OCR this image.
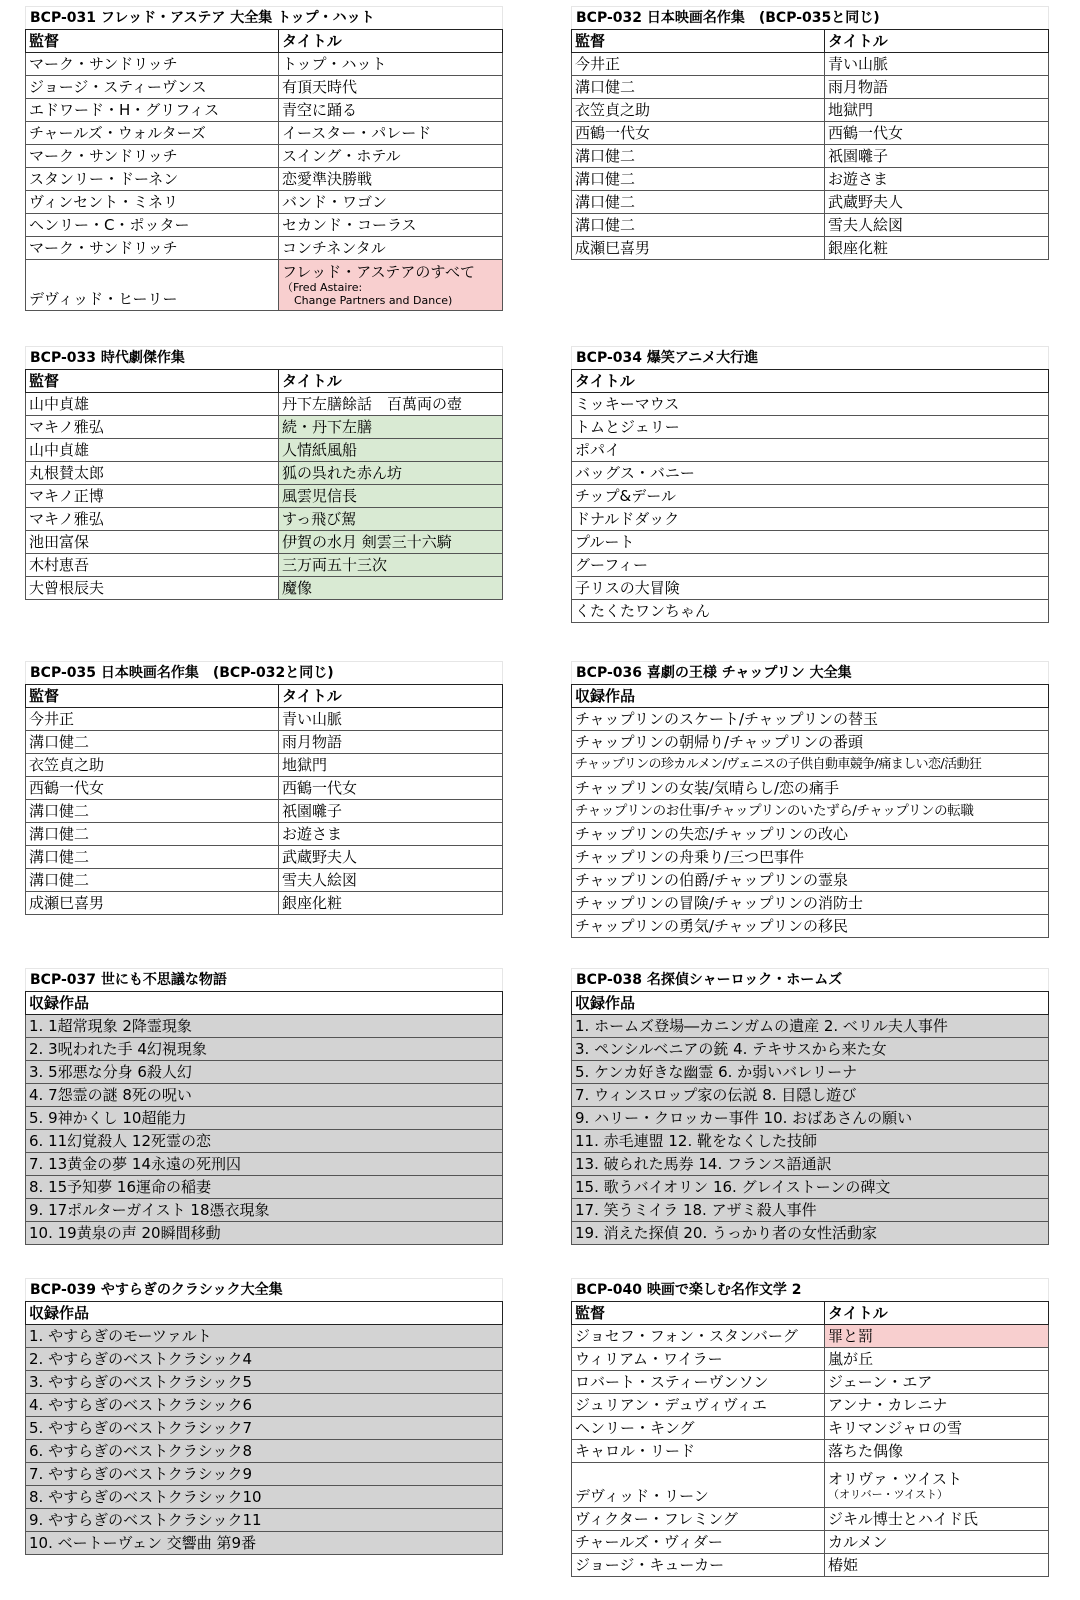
BCP-031 フレッド・アステア 大全集 トップ・ハット
監督	タイトル
マーク・サンドリッチ	トップ・ハット
ジョージ・スティーヴンス	有頂天時代
エドワード・H・グリフィス	青空に踊る
チャールズ・ウォルターズ	イースター・パレード
マーク・サンドリッチ	スイング・ホテル
スタンリー・ドーネン	恋愛準決勝戦
ヴィンセント・ミネリ	バンド・ワゴン
ヘンリー・C・ポッター	セカンド・コーラス
マーク・サンドリッチ	コンチネンタル
デヴィッド・ヒーリー	フレッド・アステアのすべて
（Fred Astaire:
Change Partners and Dance)
BCP-032 日本映画名作集　(BCP-035と同じ)
監督	タイトル
今井正	青い山脈
溝口健二	雨月物語
衣笠貞之助	地獄門
西鶴一代女	西鶴一代女
溝口健二	祇園囃子
溝口健二	お遊さま
溝口健二	武蔵野夫人
溝口健二	雪夫人絵図
成瀬巳喜男	銀座化粧
BCP-033 時代劇傑作集
監督	タイトル
山中貞雄	丹下左膳餘話　百萬両の壺
マキノ雅弘	続・丹下左膳
山中貞雄	人情紙風船
丸根賛太郎	狐の呉れた赤ん坊
マキノ正博	風雲児信長
マキノ雅弘	すっ飛び駕
池田富保	伊賀の水月 剣雲三十六騎
木村恵吾	三万両五十三次
大曾根辰夫	魔像
BCP-034 爆笑アニメ大行進
タイトル
ミッキーマウス
トムとジェリー
ポパイ
バッグス・バニー
チップ&デール
ドナルドダック
プルート
グーフィー
子リスの大冒険
くたくたワンちゃん
BCP-035 日本映画名作集　(BCP-032と同じ)
監督	タイトル
今井正	青い山脈
溝口健二	雨月物語
衣笠貞之助	地獄門
西鶴一代女	西鶴一代女
溝口健二	祇園囃子
溝口健二	お遊さま
溝口健二	武蔵野夫人
溝口健二	雪夫人絵図
成瀬巳喜男	銀座化粧
BCP-036 喜劇の王様 チャップリン 大全集
収録作品
チャップリンのスケート/チャップリンの替玉
チャップリンの朝帰り/チャップリンの番頭
チャップリンの珍カルメン/ヴェニスの子供自動車競争/痛ましい恋/活動狂
チャップリンの女装/気晴らし/恋の痛手
チャップリンのお仕事/チャップリンのいたずら/チャップリンの転職
チャップリンの失恋/チャップリンの改心
チャップリンの舟乗り/三つ巴事件
チャップリンの伯爵/チャップリンの霊泉
チャップリンの冒険/チャップリンの消防士
チャップリンの勇気/チャップリンの移民
BCP-037 世にも不思議な物語
収録作品
1. 1超常現象 2降霊現象
2. 3呪われた手 4幻視現象
3. 5邪悪な分身 6殺人幻
4. 7怨霊の謎 8死の呪い
5. 9神かくし 10超能力
6. 11幻覚殺人 12死霊の恋
7. 13黄金の夢 14永遠の死刑囚
8. 15予知夢 16運命の稲妻
9. 17ポルターガイスト 18憑衣現象
10. 19黄泉の声 20瞬間移動
BCP-038 名探偵シャーロック・ホームズ
収録作品
1. ホームズ登場―カニンガムの遺産 2. べリル夫人事件
3. ペンシルベニアの銃 4. テキサスから来た女
5. ケンカ好きな幽霊 6. か弱いバレリーナ
7. ウィンスロップ家の伝説 8. 目隠し遊び
9. ハリー・クロッカー事件 10. おばあさんの願い
11. 赤毛連盟 12. 靴をなくした技師
13. 破られた馬券 14. フランス語通訳
15. 歌うバイオリン 16. グレイストーンの碑文
17. 笑うミイラ 18. アザミ殺人事件
19. 消えた探偵 20. うっかり者の女性活動家
BCP-039 やすらぎのクラシック大全集
収録作品
1. やすらぎのモーツァルト
2. やすらぎのベストクラシック4
3. やすらぎのベストクラシック5
4. やすらぎのベストクラシック6
5. やすらぎのベストクラシック7
6. やすらぎのベストクラシック8
7. やすらぎのベストクラシック9
8. やすらぎのベストクラシック10
9. やすらぎのベストクラシック11
10. ベートーヴェン 交響曲 第9番
BCP-040 映画で楽しむ名作文学 2
監督	タイトル
ジョセフ・フォン・スタンバーグ	罪と罰
ウィリアム・ワイラー	嵐が丘
ロバート・スティーヴンソン	ジェーン・エア
ジュリアン・デュヴィヴィエ	アンナ・カレニナ
ヘンリー・キング	キリマンジャロの雪
キャロル・リード	落ちた偶像
デヴィッド・リーン	オリヴァ・ツイスト
（オリバー・ツイスト）

ヴィクター・フレミング	ジキル博士とハイド氏
チャールズ・ヴィダー	カルメン
ジョージ・キューカー	椿姫
